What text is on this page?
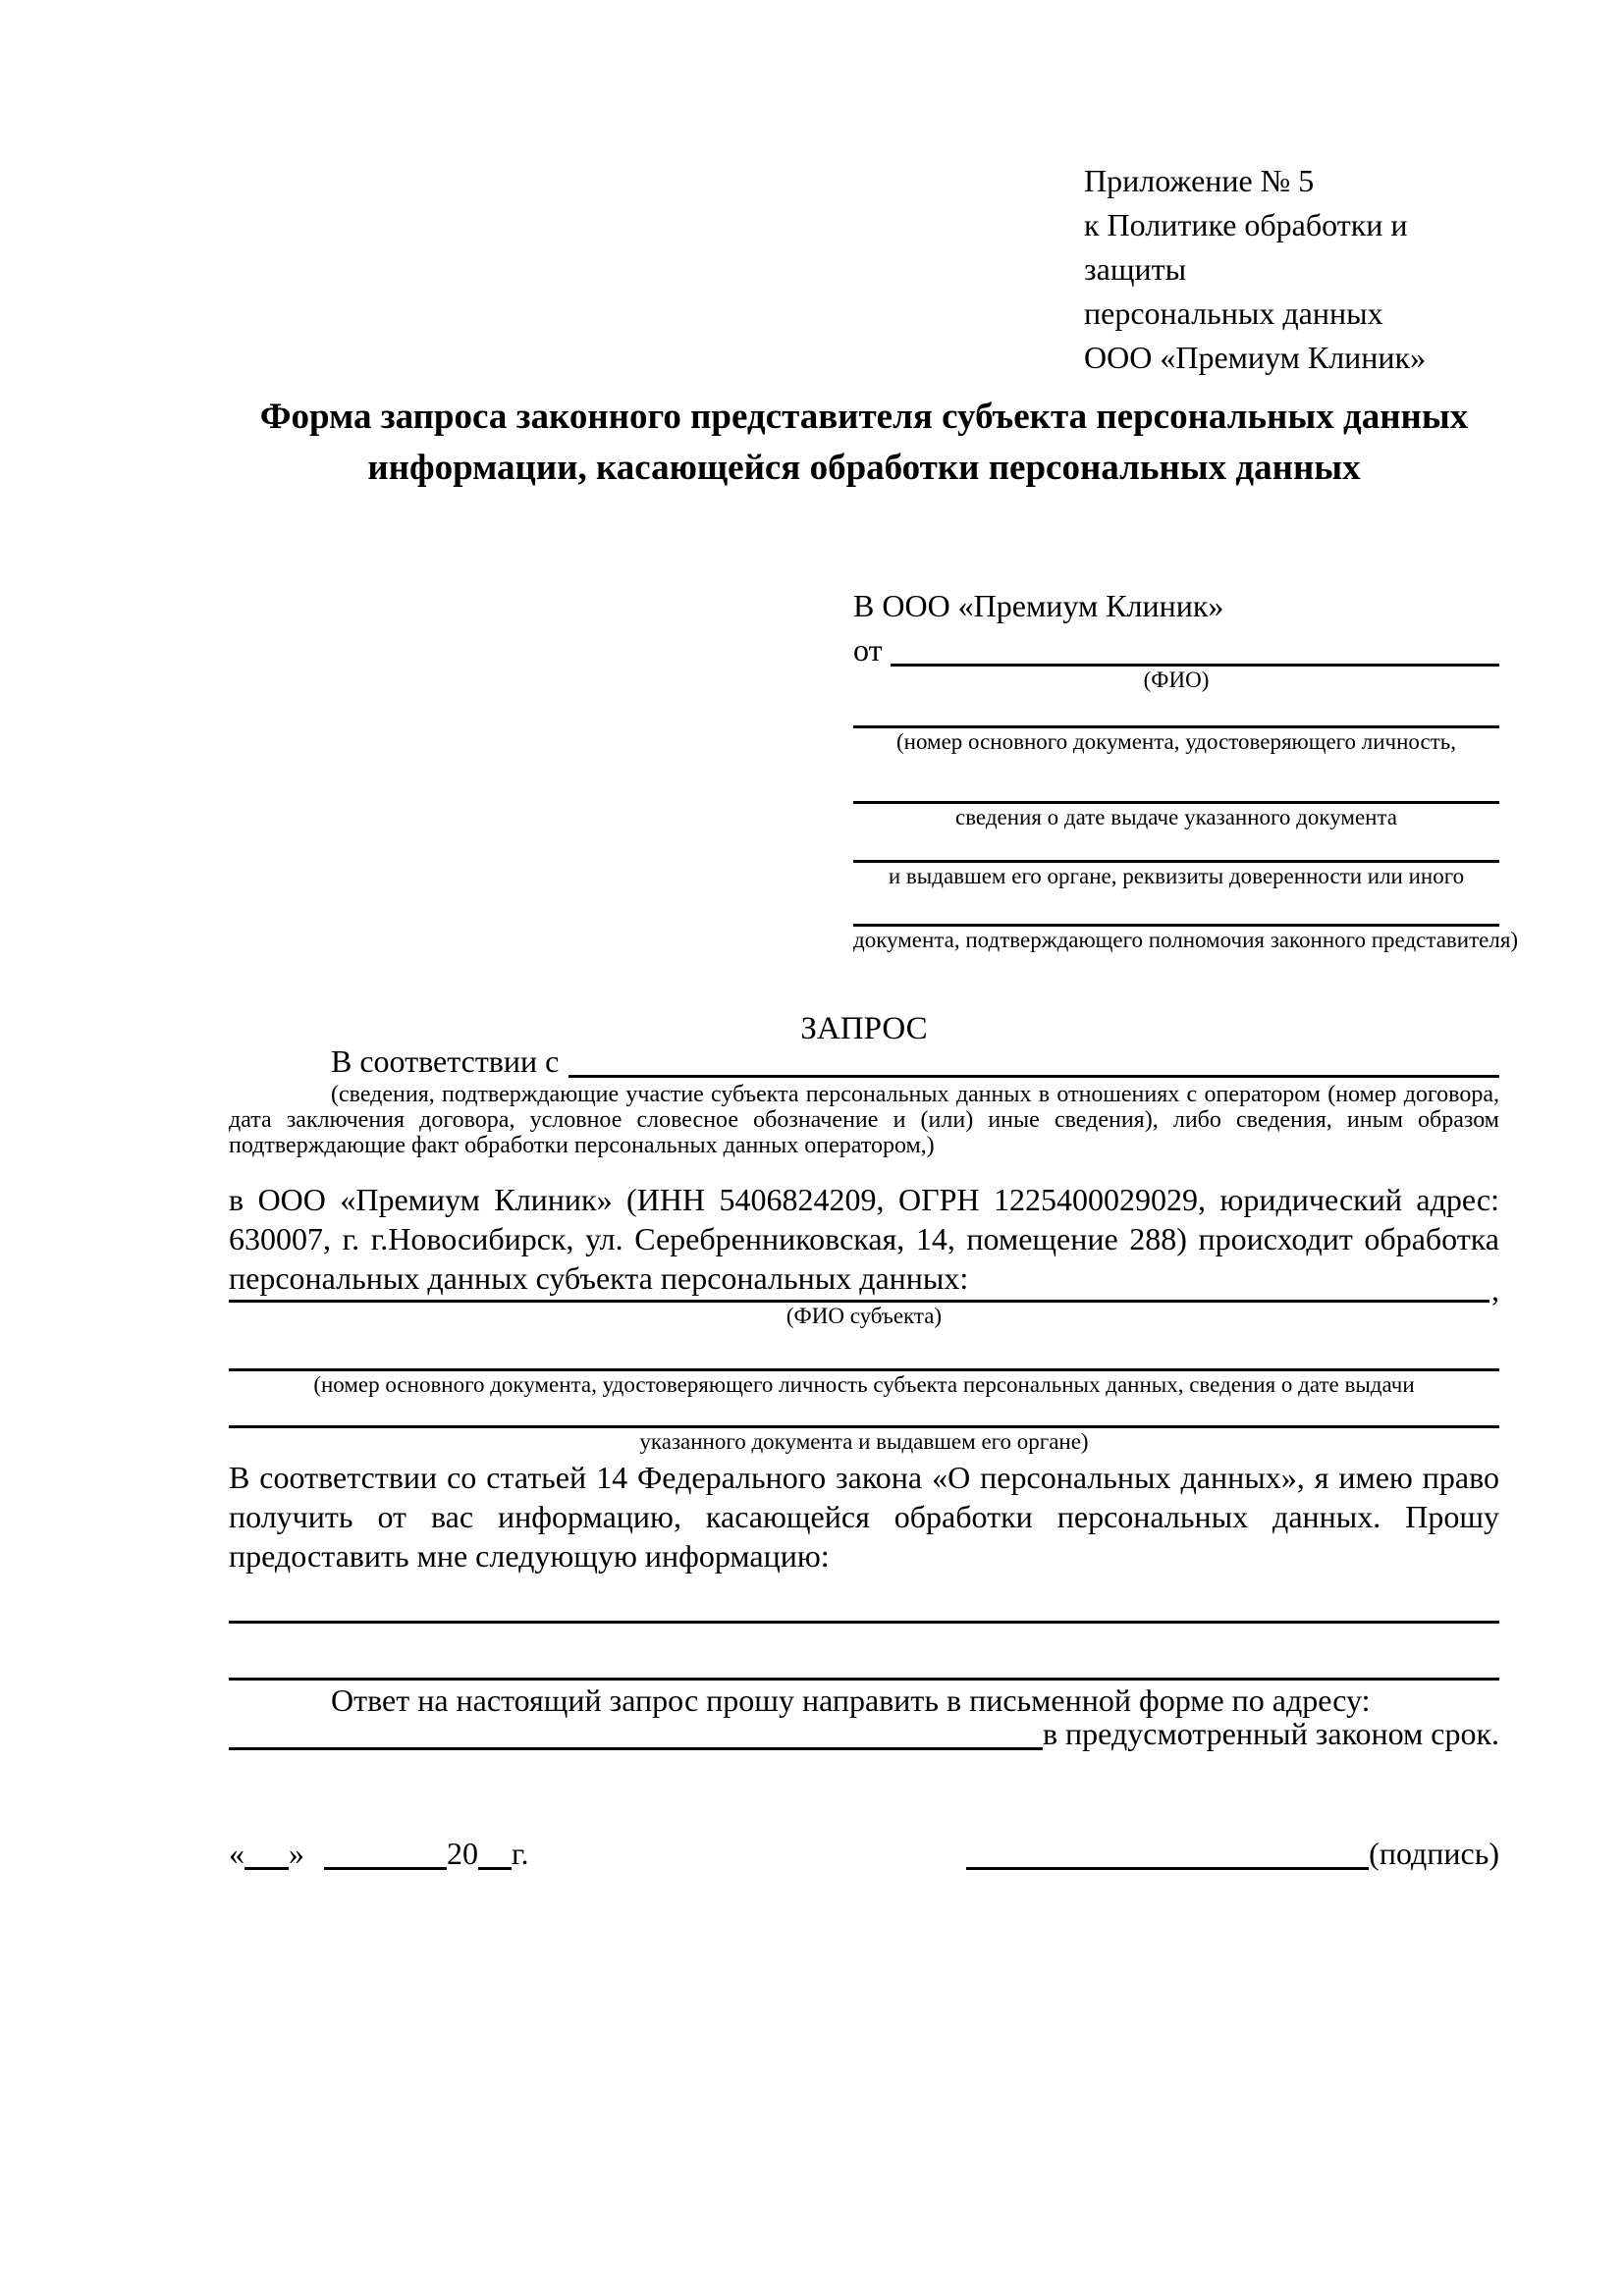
Приложение № 5
к Политике обработки и защиты
персональных данных
ООО «Премиум Клиник»
Форма запроса законного представителя субъекта персональных данных
информации, касающейся обработки персональных данных
В ООО «Премиум Клиник»
от
(ФИО)
(номер основного документа, удостоверяющего личность,
сведения о дате выдаче указанного документа
и выдавшем его органе, реквизиты доверенности или иного
документа, подтверждающего полномочия законного представителя)
ЗАПРОС
В соответствии с
(сведения, подтверждающие участие субъекта персональных данных в отношениях с оператором (номер договора, дата заключения договора, условное словесное обозначение и (или) иные сведения), либо сведения, иным образом подтверждающие факт обработки персональных данных оператором,)
в ООО «Премиум Клиник» (ИНН 5406824209, ОГРН 1225400029029, юридический адрес: 630007, г. г.Новосибирск, ул. Серебренниковская, 14, помещение 288) происходит обработка персональных данных субъекта персональных данных:	,
(ФИО субъекта)
(номер основного документа, удостоверяющего личность субъекта персональных данных, сведения о дате выдачи
указанного документа и выдавшем его органе)
В соответствии со статьей 14 Федерального закона «О персональных данных», я имею право получить от вас информацию, касающейся обработки персональных данных. Прошу предоставить мне следующую информацию:
Ответ на настоящий запрос прошу направить в письменной форме по адресу:
в предусмотренный законом срок.
« »	20 г.	(подпись)
